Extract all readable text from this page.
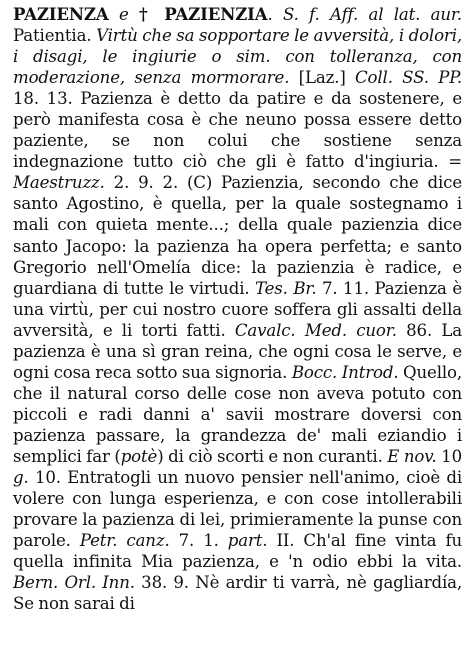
PAZIENZA e † PAZIENZIA. S. f. Aff. al lat. aur. Patientia. Virtù che sa sopportare le avversità, i dolori, i disagi, le ingiurie o sim. con tolleranza, con moderazione, senza mormorare. [Laz.] Coll. SS. PP. 18. 13. Pazienza è detto da patire e da sostenere, e però manifesta cosa è che neuno possa essere detto paziente, se non colui che sostiene senza indegnazione tutto ciò che gli è fatto d'ingiuria. = Maestruzz. 2. 9. 2. (C) Pazienzia, secondo che dice santo Agostino, è quella, per la quale sostegnamo i mali con quieta mente...; della quale pazienzia dice santo Jacopo: la pazienza ha opera perfetta; e santo Gregorio nell'Omelía dice: la pazienzia è radice, e guardiana di tutte le virtudi. Tes. Br. 7. 11. Pazienza è una virtù, per cui nostro cuore soffera gli assalti della avversità, e li torti fatti. Cavalc. Med. cuor. 86. La pazienza è una sì gran reina, che ogni cosa le serve, e ogni cosa reca sotto sua signoria. Bocc. Introd. Quello, che il natural corso delle cose non aveva potuto con piccoli e radi danni a' savii mostrare doversi con pazienza passare, la grandezza de' mali eziandio i semplici far (potè) di ciò scorti e non curanti. E nov. 10 g. 10. Entratogli un nuovo pensier nell'animo, cioè di volere con lunga esperienza, e con cose intollerabili provare la pazienza di lei, primieramente la punse con parole. Petr. canz. 7. 1. part. II. Ch'al fine vinta fu quella infinita Mia pazienza, e 'n odio ebbi la vita. Bern. Orl. Inn. 38. 9. Nè ardir ti varrà, nè gagliardía, Se non sarai di
